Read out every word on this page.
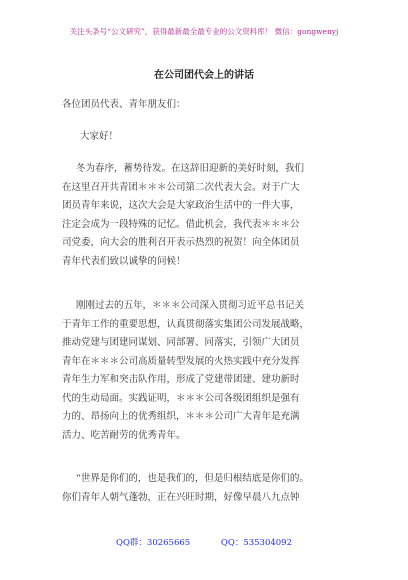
关注头条号“公文研究”，获得最新最全最专业的公文资料库！ 微信：gongwenyj
在公司团代会上的讲话
各位团员代表、青年朋友们：
大家好！
冬为春序，蓄势待发。在这辞旧迎新的美好时刻，我们
在这里召开共青团＊＊＊公司第二次代表大会。对于广大
团员青年来说，这次大会是大家政治生活中的一件大事，
注定会成为一段特殊的记忆。借此机会，我代表＊＊＊公
司党委，向大会的胜利召开表示热烈的祝贺！向全体团员
青年代表们致以诚挚的问候！
刚刚过去的五年，＊＊＊公司深入贯彻习近平总书记关
于青年工作的重要思想，认真贯彻落实集团公司发展战略，
推动党建与团建同谋划、同部署、同落实，引领广大团员
青年在＊＊＊公司高质量转型发展的火热实践中充分发挥
青年生力军和突击队作用，形成了党建带团建、建功新时
代的生动局面。实践证明，＊＊＊公司各级团组织是强有
力的、昂扬向上的优秀组织，＊＊＊公司广大青年是充满
活力、吃苦耐劳的优秀青年。
“世界是你们的，也是我们的，但是归根结底是你们的。
你们青年人朝气蓬勃，正在兴旺时期，好像早晨八九点钟
QQ群：30265665	QQ：535304092
